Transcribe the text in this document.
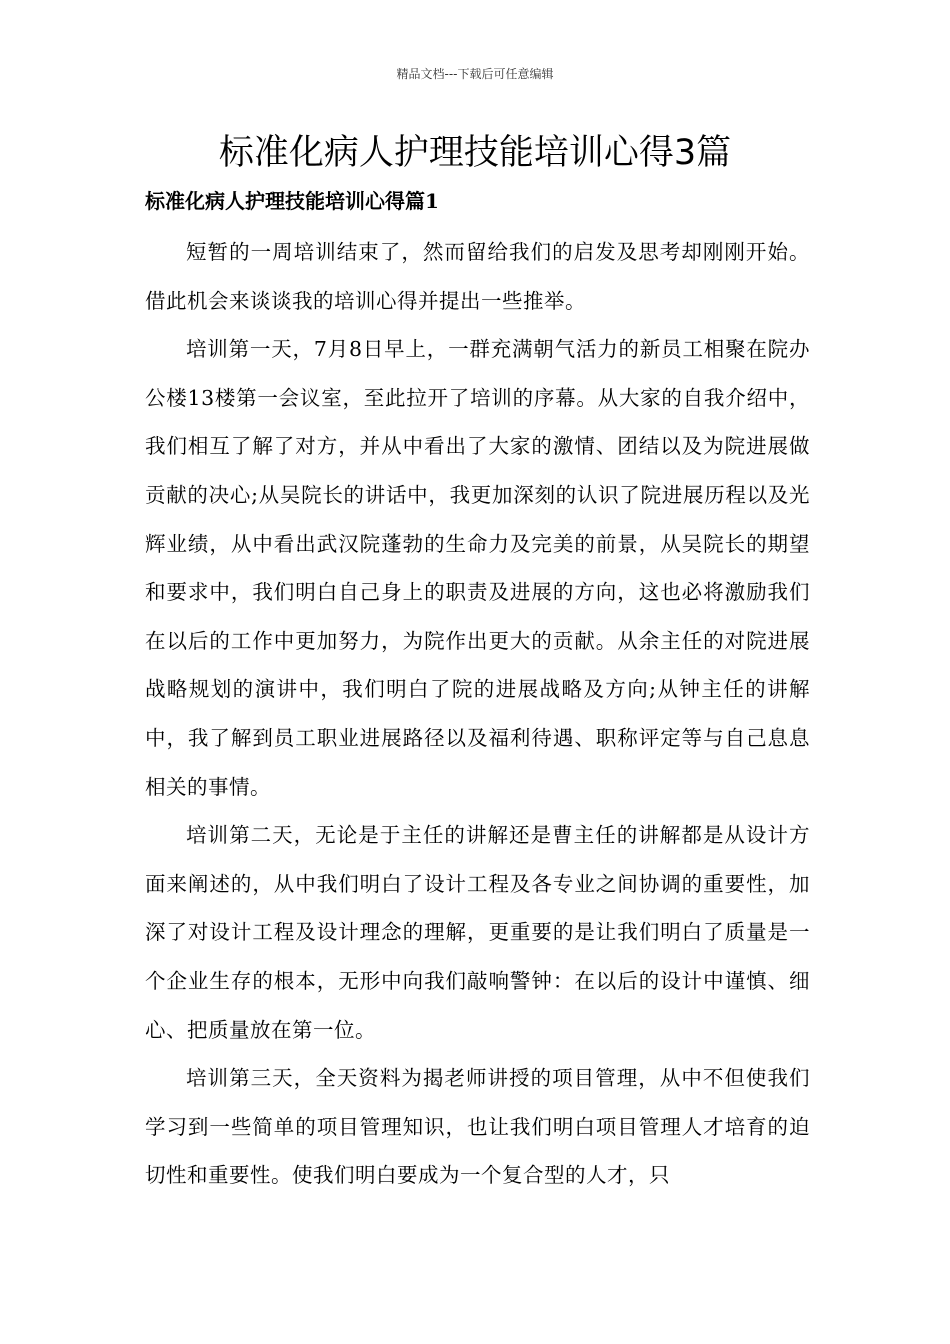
精品文档---下载后可任意编辑
标准化病人护理技能培训心得3篇
标准化病人护理技能培训心得篇1

短暂的一周培训结束了，然而留给我们的启发及思考却刚刚开始。借此机会来谈谈我的培训心得并提出一些推举。

培训第一天，7月8日早上，一群充满朝气活力的新员工相聚在院办公楼13楼第一会议室，至此拉开了培训的序幕。从大家的自我介绍中，我们相互了解了对方，并从中看出了大家的激情、团结以及为院进展做贡献的决心;从吴院长的讲话中，我更加深刻的认识了院进展历程以及光辉业绩，从中看出武汉院蓬勃的生命力及完美的前景，从吴院长的期望和要求中，我们明白自己身上的职责及进展的方向，这也必将激励我们在以后的工作中更加努力，为院作出更大的贡献。从余主任的对院进展战略规划的演讲中，我们明白了院的进展战略及方向;从钟主任的讲解中，我了解到员工职业进展路径以及福利待遇、职称评定等与自己息息相关的事情。

培训第二天，无论是于主任的讲解还是曹主任的讲解都是从设计方面来阐述的，从中我们明白了设计工程及各专业之间协调的重要性，加深了对设计工程及设计理念的理解，更重要的是让我们明白了质量是一个企业生存的根本，无形中向我们敲响警钟：在以后的设计中谨慎、细心、把质量放在第一位。

培训第三天，全天资料为揭老师讲授的项目管理，从中不但使我们学习到一些简单的项目管理知识，也让我们明白项目管理人才培育的迫切性和重要性。使我们明白要成为一个复合型的人才，只
